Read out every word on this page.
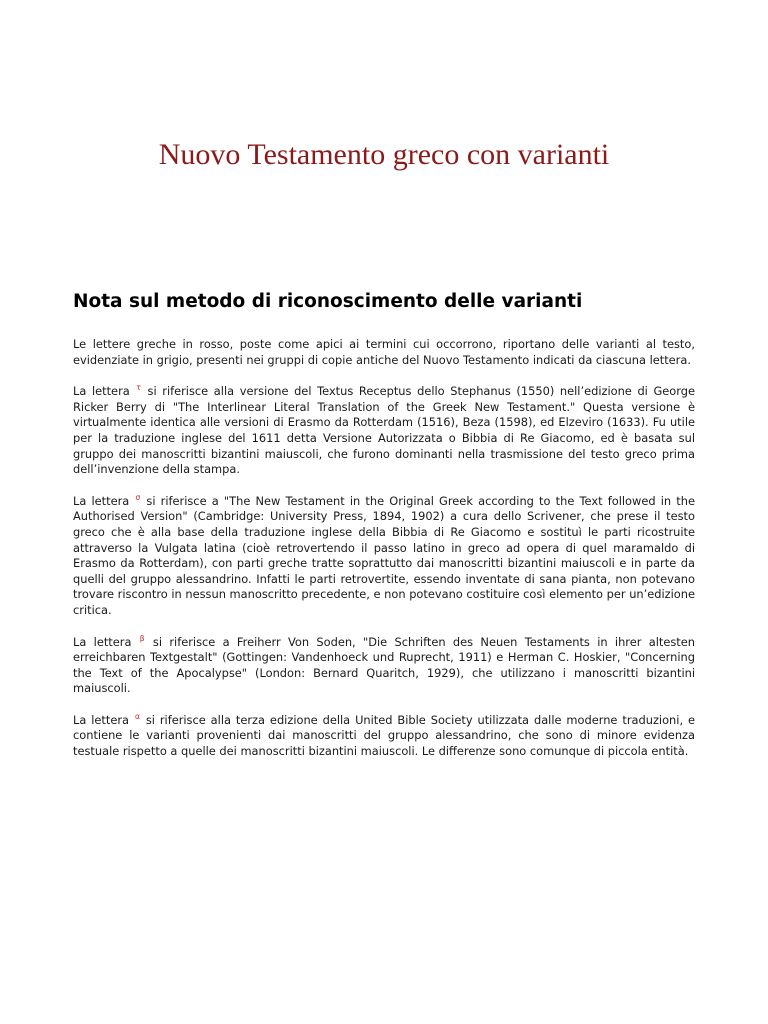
Nuovo Testamento greco con varianti
Nota sul metodo di riconoscimento delle varianti

Le lettere greche in rosso, poste come apici ai termini cui occorrono, riportano delle varianti al testo, evidenziate in grigio, presenti nei gruppi di copie antiche del Nuovo Testamento indicati da ciascuna lettera.

La lettera $^\tau$ si riferisce alla versione del Textus Receptus dello Stephanus (1550) nell’edizione di George Ricker Berry di "The Interlinear Literal Translation of the Greek New Testament." Questa versione è virtualmente identica alle versioni di Erasmo da Rotterdam (1516), Beza (1598), ed Elzeviro (1633). Fu utile per la traduzione inglese del 1611 detta Versione Autorizzata o Bibbia di Re Giacomo, ed è basata sul gruppo dei manoscritti bizantini maiuscoli, che furono dominanti nella trasmissione del testo greco prima dell’invenzione della stampa.

La lettera $^\sigma$ si riferisce a "The New Testament in the Original Greek according to the Text followed in the Authorised Version" (Cambridge: University Press, 1894, 1902) a cura dello Scrivener, che prese il testo greco che è alla base della traduzione inglese della Bibbia di Re Giacomo e sostituì le parti ricostruite attraverso la Vulgata latina (cioè retrovertendo il passo latino in greco ad opera di quel maramaldo di Erasmo da Rotterdam), con parti greche tratte soprattutto dai manoscritti bizantini maiuscoli e in parte da quelli del gruppo alessandrino. Infatti le parti retrovertite, essendo inventate di sana pianta, non potevano trovare riscontro in nessun manoscritto precedente, e non potevano costituire così elemento per un’edizione critica.

La lettera $^\beta$ si riferisce a Freiherr Von Soden, "Die Schriften des Neuen Testaments in ihrer altesten erreichbaren Textgestalt" (Gottingen: Vandenhoeck und Ruprecht, 1911) e Herman C. Hoskier, "Concerning the Text of the Apocalypse" (London: Bernard Quaritch, 1929), che utilizzano i manoscritti bizantini maiuscoli.

La lettera $^\alpha$ si riferisce alla terza edizione della United Bible Society utilizzata dalle moderne traduzioni, e contiene le varianti provenienti dai manoscritti del gruppo alessandrino, che sono di minore evidenza testuale rispetto a quelle dei manoscritti bizantini maiuscoli. Le differenze sono comunque di piccola entità.
